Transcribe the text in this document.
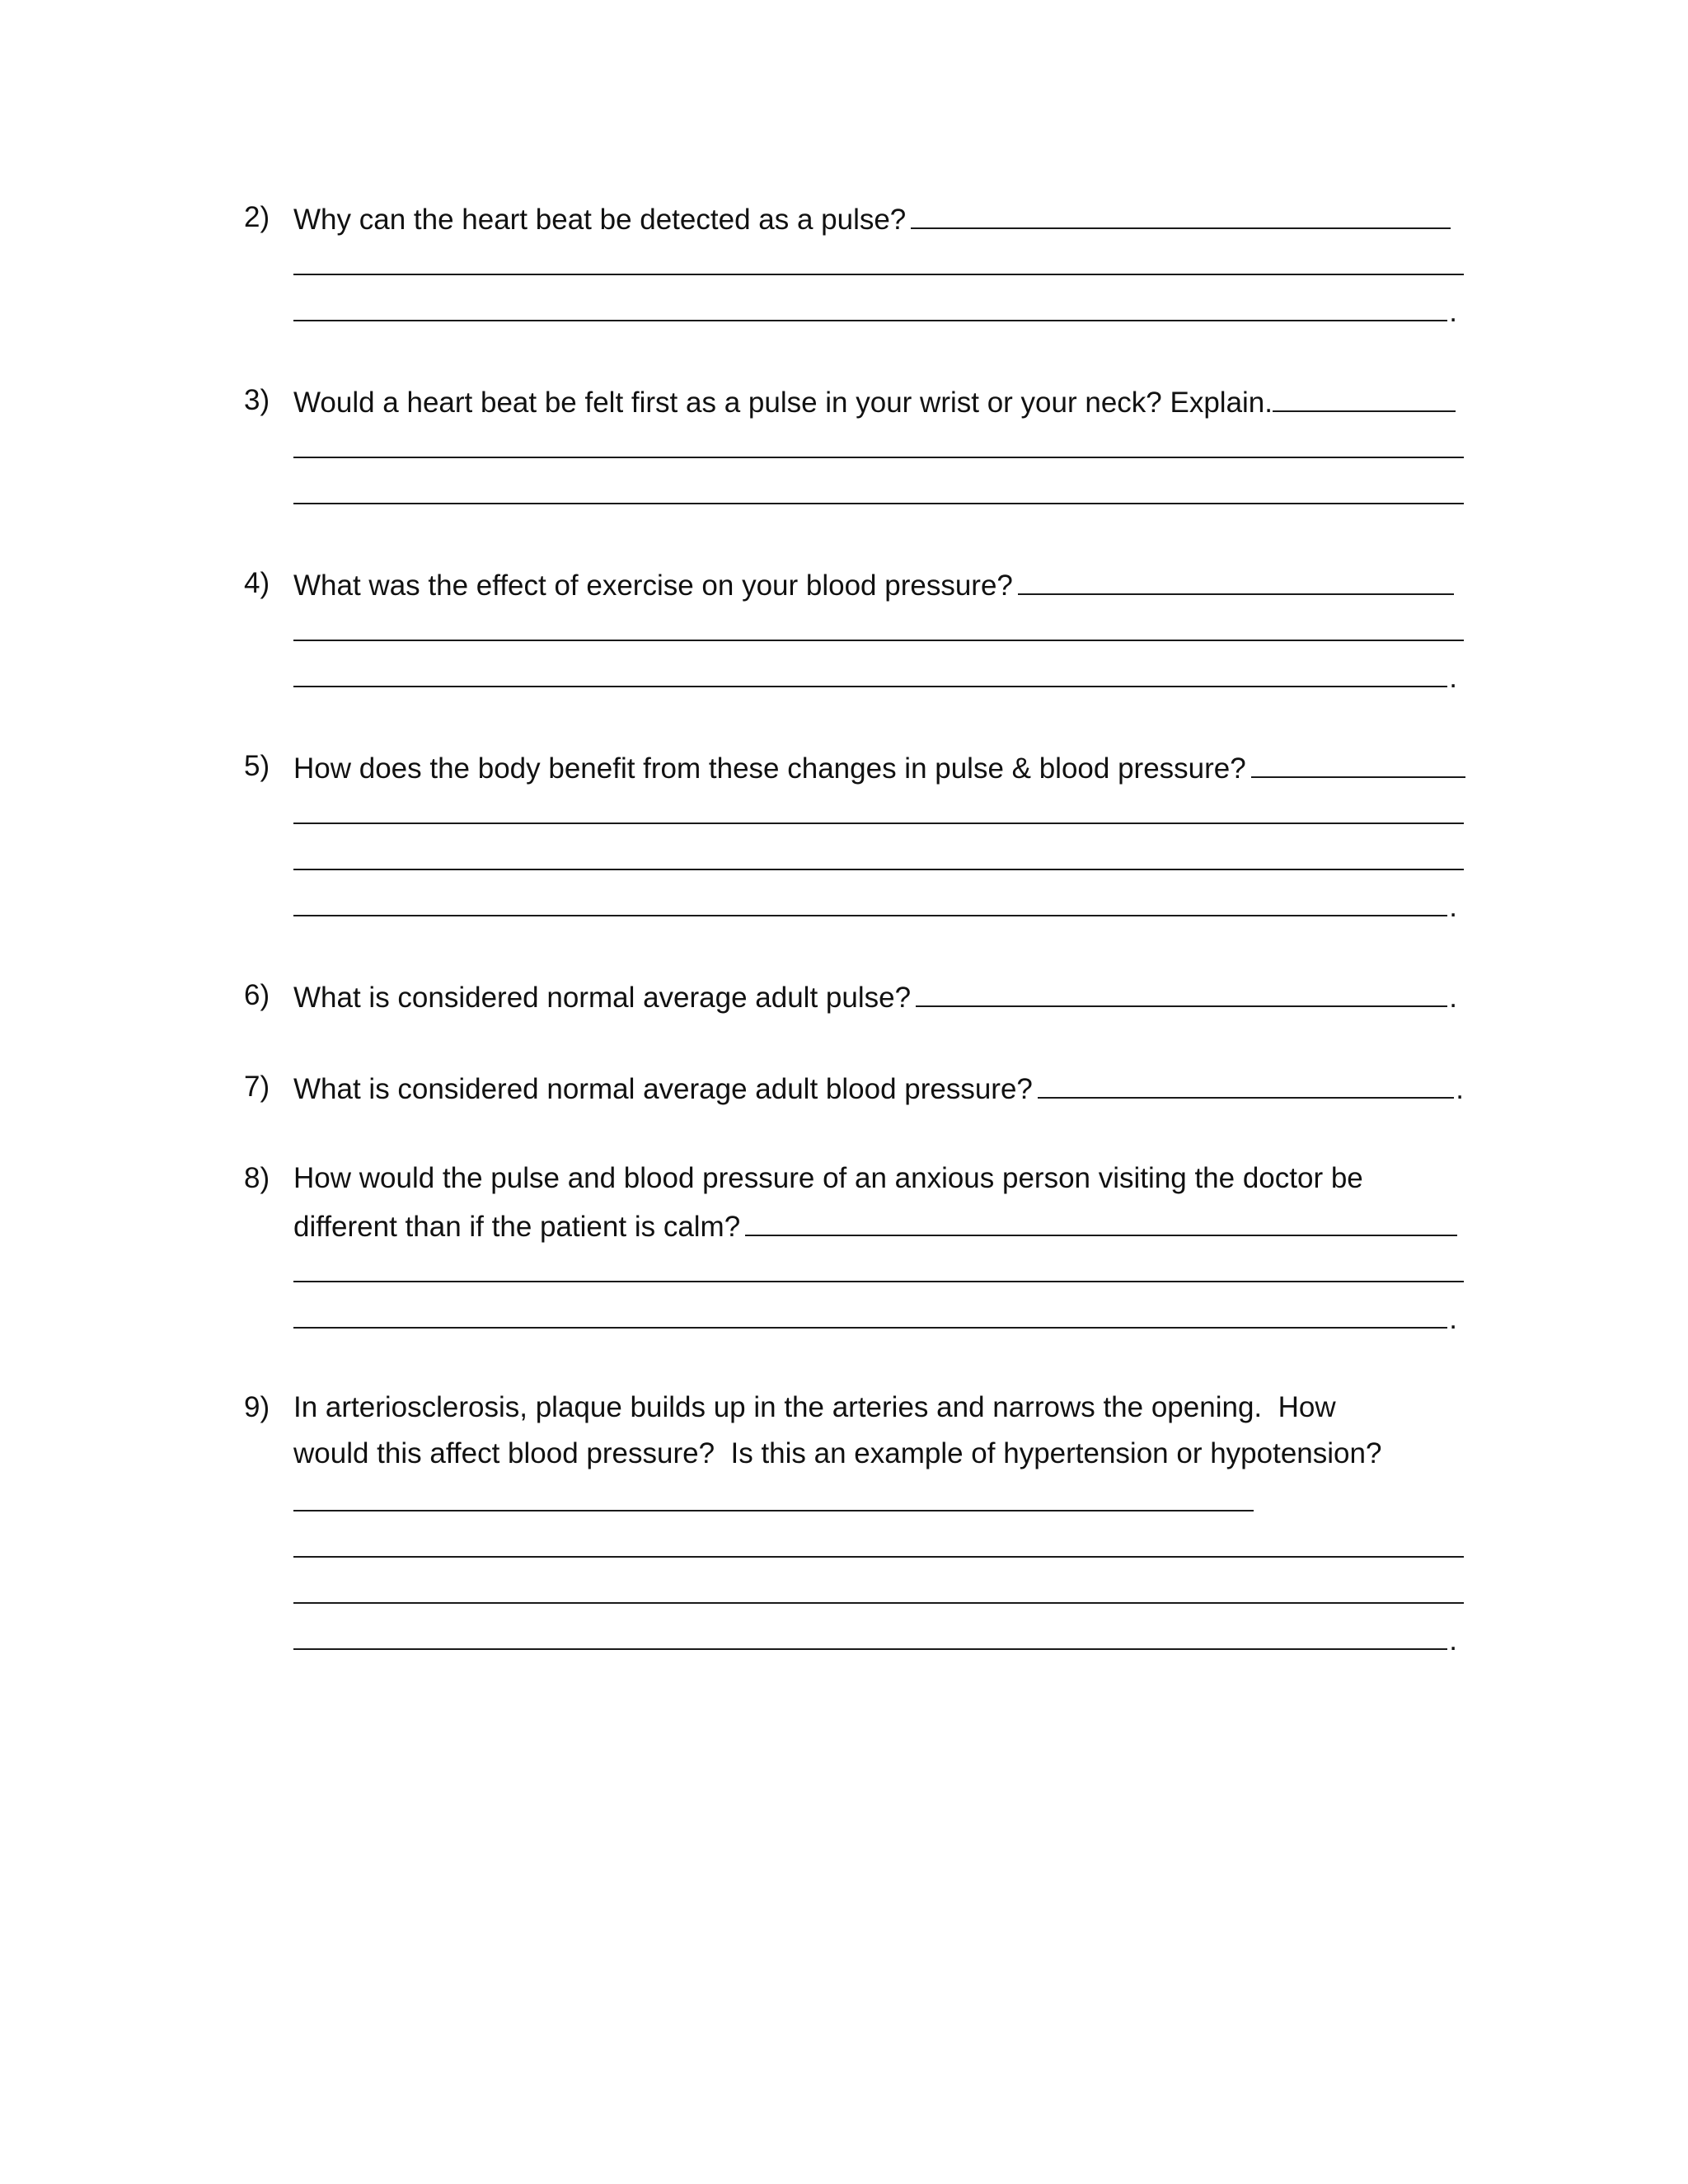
2) Why can the heart beat be detected as a pulse?
.
3) Would a heart beat be felt first as a pulse in your wrist or your neck? Explain.
4) What was the effect of exercise on your blood pressure?
.
5) How does the body benefit from these changes in pulse & blood pressure?
.
6) What is considered normal average adult pulse?	.
7) What is considered normal average adult blood pressure?	.
8) How would the pulse and blood pressure of an anxious person visiting the doctor be
different than if the patient is calm?
.
9) In arteriosclerosis, plaque builds up in the arteries and narrows the opening.  How
would this affect blood pressure?  Is this an example of hypertension or hypotension?
.
